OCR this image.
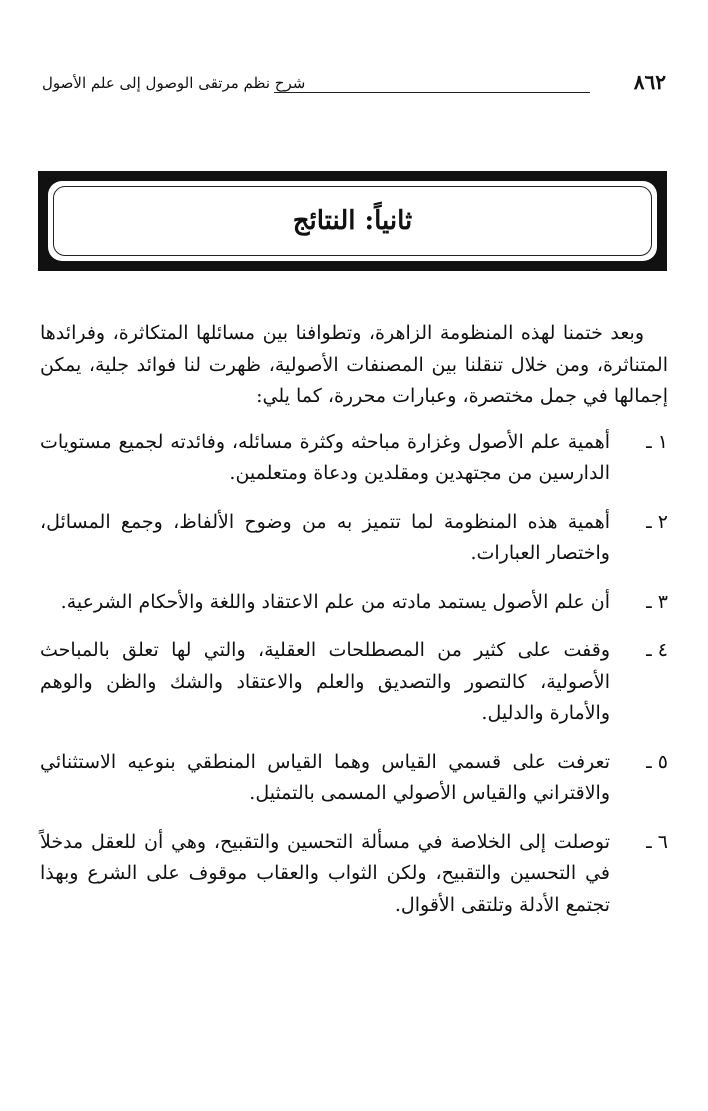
٨٦٢
شرح نظم مرتقى الوصول إلى علم الأصول
ثانياً: النتائج

وبعد ختمنا لهذه المنظومة الزاهرة، وتطوافنا بين مسائلها المتكاثرة، وفرائدها المتناثرة، ومن خلال تنقلنا بين المصنفات الأصولية، ظهرت لنا فوائد جلية، يمكن إجمالها في جمل مختصرة، وعبارات محررة، كما يلي:

١ ـ
أهمية علم الأصول وغزارة مباحثه وكثرة مسائله، وفائدته لجميع مستويات الدارسين من مجتهدين ومقلدين ودعاة ومتعلمين.
٢ ـ
أهمية هذه المنظومة لما تتميز به من وضوح الألفاظ، وجمع المسائل، واختصار العبارات.
٣ ـ
أن علم الأصول يستمد مادته من علم الاعتقاد واللغة والأحكام الشرعية.
٤ ـ
وقفت على كثير من المصطلحات العقلية، والتي لها تعلق بالمباحث الأصولية، كالتصور والتصديق والعلم والاعتقاد والشك والظن والوهم والأمارة والدليل.
٥ ـ
تعرفت على قسمي القياس وهما القياس المنطقي بنوعيه الاستثنائي والاقتراني والقياس الأصولي المسمى بالتمثيل.
٦ ـ
توصلت إلى الخلاصة في مسألة التحسين والتقبيح، وهي أن للعقل مدخلاً في التحسين والتقبيح، ولكن الثواب والعقاب موقوف على الشرع وبهذا تجتمع الأدلة وتلتقى الأقوال.
